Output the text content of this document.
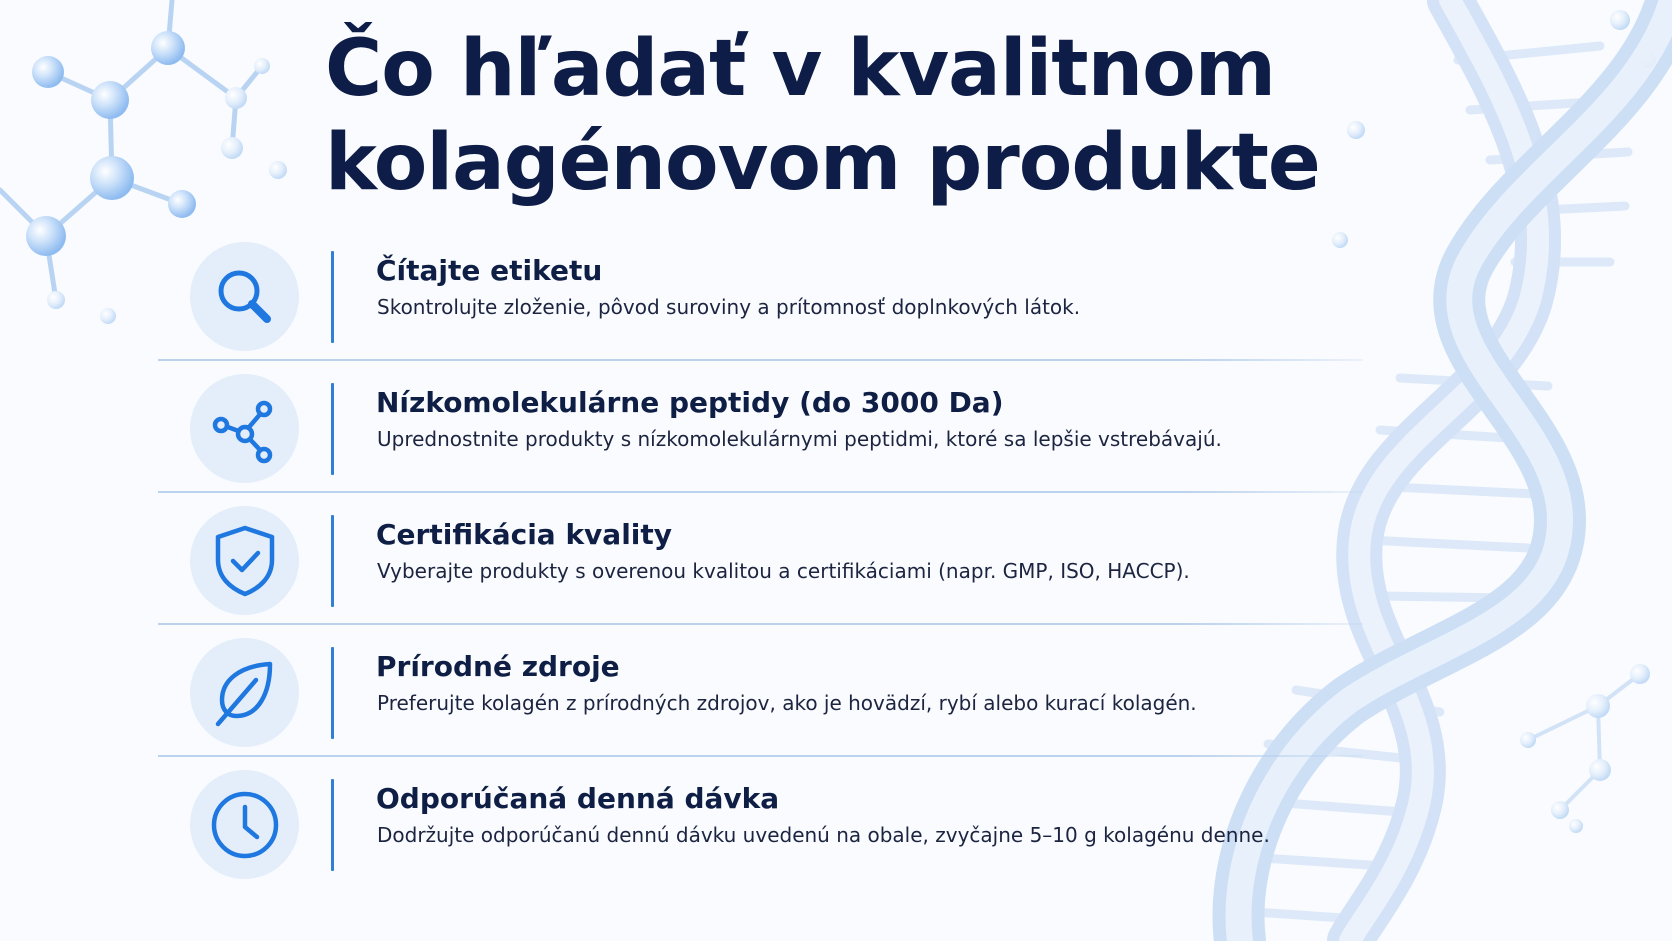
Čo hľadať v kvalitnom
kolagénovom produkte
Čítajte etiketu

Skontrolujte zloženie, pôvod suroviny a prítomnosť doplnkových látok.

Nízkomolekulárne peptidy (do 3000 Da)

Uprednostnite produkty s nízkomolekulárnymi peptidmi, ktoré sa lepšie vstrebávajú.

Certifikácia kvality

Vyberajte produkty s overenou kvalitou a certifikáciami (napr. GMP, ISO, HACCP).

Prírodné zdroje

Preferujte kolagén z prírodných zdrojov, ako je hovädzí, rybí alebo kurací kolagén.

Odporúčaná denná dávka

Dodržujte odporúčanú dennú dávku uvedenú na obale, zvyčajne 5–10 g kolagénu denne.
